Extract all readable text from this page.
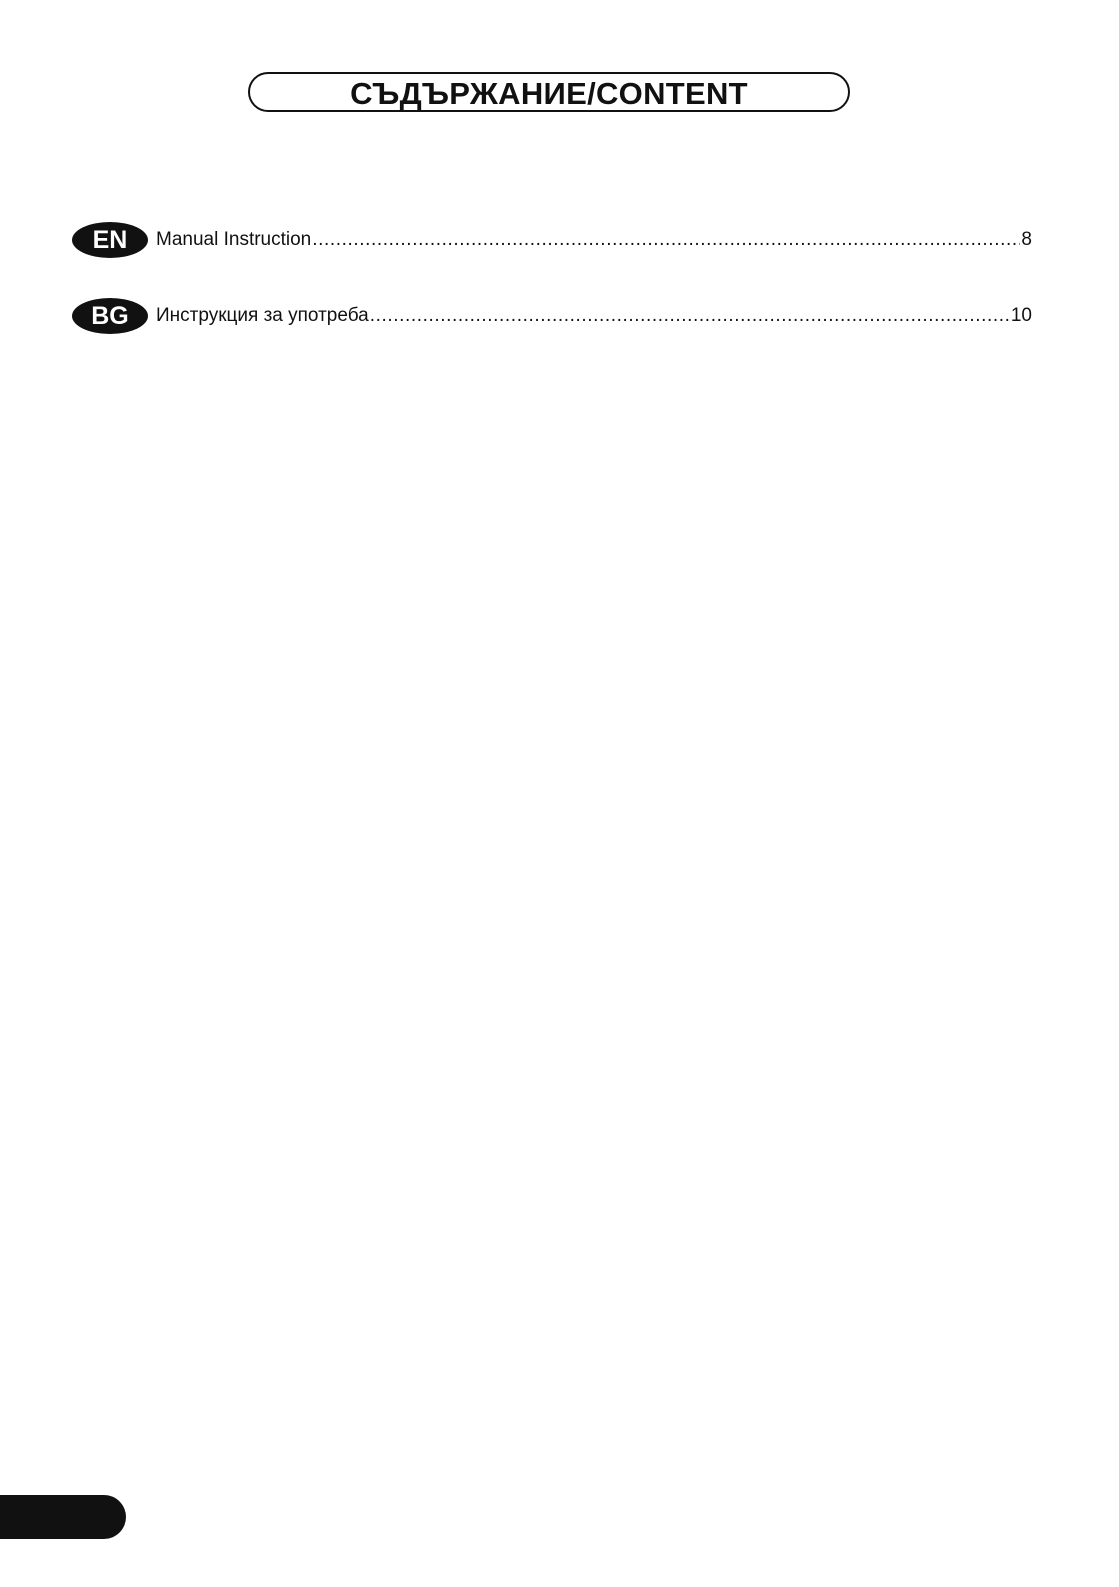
СЪДЪРЖАНИЕ/CONTENT
EN	Manual Instruction .....	8
BG	Инструкция за употреба .....	10
